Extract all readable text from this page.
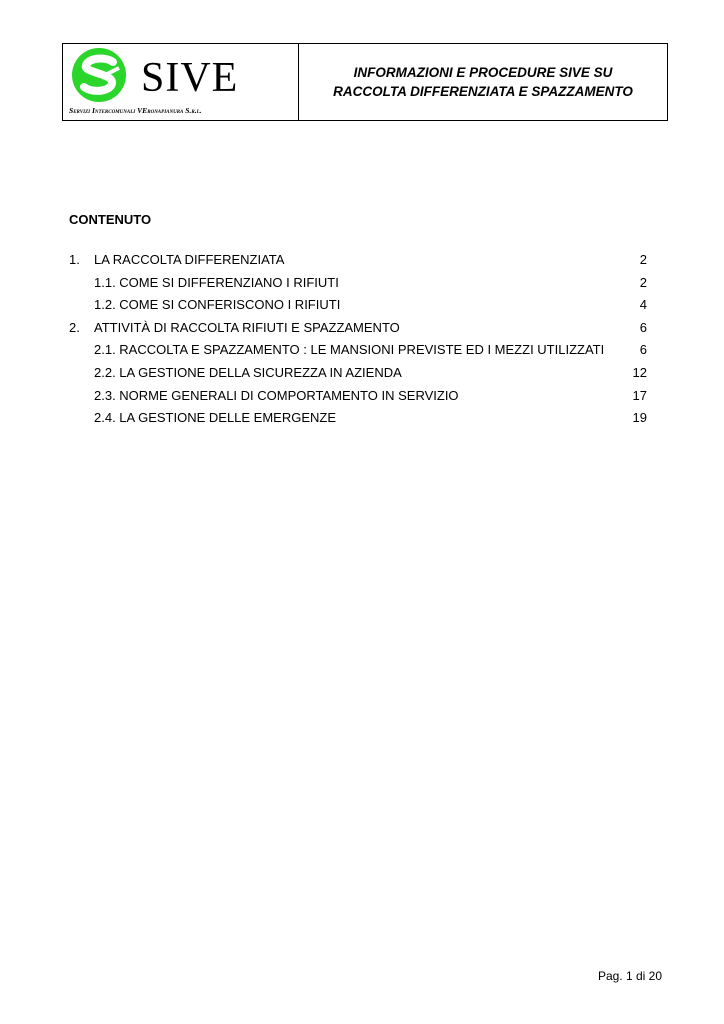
SIVE
Servizi Intercomunali VEronapianura S.r.l.
INFORMAZIONI E PROCEDURE SIVE SU
RACCOLTA DIFFERENZIATA E SPAZZAMENTO
CONTENUTO
1. LA RACCOLTA DIFFERENZIATA	2
1.1. COME SI DIFFERENZIANO I RIFIUTI	2
1.2. COME SI CONFERISCONO I RIFIUTI	4
2. ATTIVITÀ DI RACCOLTA RIFIUTI E SPAZZAMENTO	6
2.1. RACCOLTA E SPAZZAMENTO : LE MANSIONI PREVISTE ED I MEZZI UTILIZZATI	6
2.2. LA GESTIONE DELLA SICUREZZA IN AZIENDA	12
2.3. NORME GENERALI DI COMPORTAMENTO IN SERVIZIO	17
2.4. LA GESTIONE DELLE EMERGENZE	19
Pag. 1 di 20
